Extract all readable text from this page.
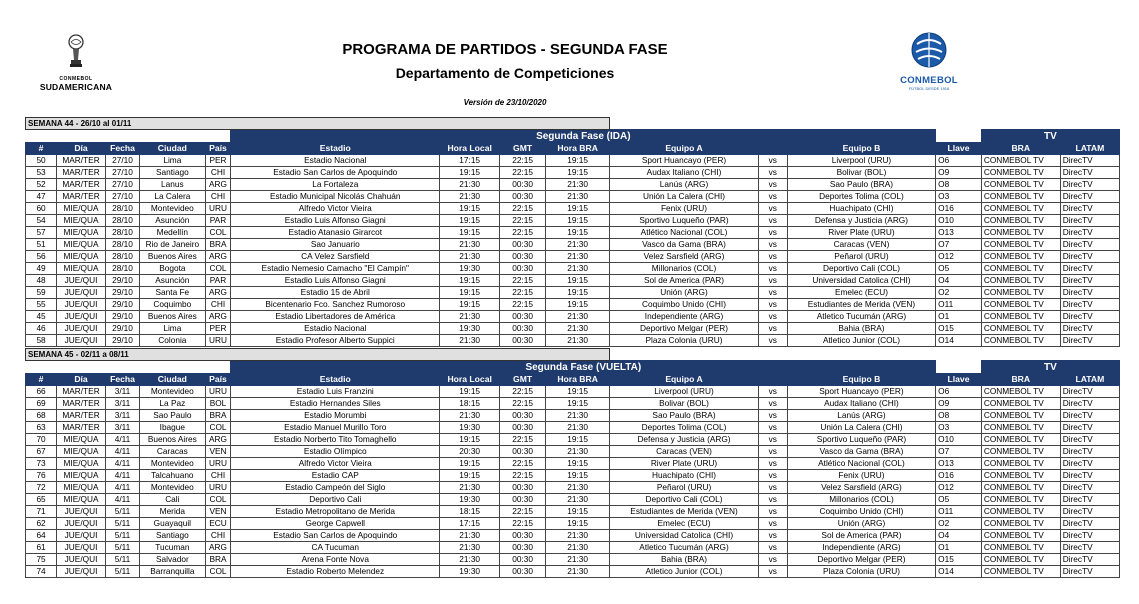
CONMEBOL
SUDAMERICANA
PROGRAMA DE PARTIDOS - SEGUNDA FASE
Departamento de Competiciones
Versión de 23/10/2020
CONMEBOL
FÚTBOL DESDE 1916
SEMANA 44 - 26/10 al 01/11														
					Segunda Fase (IDA)								TV	
#	Día	Fecha	Ciudad	País	Estadio	Hora Local	GMT	Hora BRA	Equipo A		Equipo B	Llave	BRA	LATAM
50	MAR/TER	27/10	Lima	PER	Estadio Nacional	17:15	22:15	19:15	Sport Huancayo (PER)	vs	Liverpool (URU)	O6	CONMEBOL TV	DirecTV
53	MAR/TER	27/10	Santiago	CHI	Estadio San Carlos de Apoquindo	19:15	22:15	19:15	Audax Italiano (CHI)	vs	Bolivar (BOL)	O9	CONMEBOL TV	DirecTV
52	MAR/TER	27/10	Lanus	ARG	La Fortaleza	21:30	00:30	21:30	Lanús (ARG)	vs	Sao Paulo (BRA)	O8	CONMEBOL TV	DirecTV
47	MAR/TER	27/10	La Calera	CHI	Estadio Municipal Nicolás Chahuán	21:30	00:30	21:30	Unión La Calera (CHI)	vs	Deportes Tolima (COL)	O3	CONMEBOL TV	DirecTV
60	MIE/QUA	28/10	Montevideo	URU	Alfredo Victor Vieira	19:15	22:15	19:15	Fenix (URU)	vs	Huachipato (CHI)	O16	CONMEBOL TV	DirecTV
54	MIE/QUA	28/10	Asunción	PAR	Estadio Luis Alfonso Giagni	19:15	22:15	19:15	Sportivo Luqueño (PAR)	vs	Defensa y Justicia (ARG)	O10	CONMEBOL TV	DirecTV
57	MIE/QUA	28/10	Medellín	COL	Estadio Atanasio Girarcot	19:15	22:15	19:15	Atlético Nacional (COL)	vs	River Plate (URU)	O13	CONMEBOL TV	DirecTV
51	MIE/QUA	28/10	Rio de Janeiro	BRA	Sao Januario	21:30	00:30	21:30	Vasco da Gama (BRA)	vs	Caracas (VEN)	O7	CONMEBOL TV	DirecTV
56	MIE/QUA	28/10	Buenos Aires	ARG	CA Velez Sarsfield	21:30	00:30	21:30	Velez Sarsfield (ARG)	vs	Peñarol (URU)	O12	CONMEBOL TV	DirecTV
49	MIE/QUA	28/10	Bogota	COL	Estadio Nemesio Camacho "El Campín"	19:30	00:30	21:30	Millonarios (COL)	vs	Deportivo Cali (COL)	O5	CONMEBOL TV	DirecTV
48	JUE/QUI	29/10	Asunción	PAR	Estadio Luis Alfonso Giagni	19:15	22:15	19:15	Sol de America (PAR)	vs	Universidad Catolica (CHI)	O4	CONMEBOL TV	DirecTV
59	JUE/QUI	29/10	Santa Fe	ARG	Estadio 15 de Abril	19:15	22:15	19:15	Unión (ARG)	vs	Emelec (ECU)	O2	CONMEBOL TV	DirecTV
55	JUE/QUI	29/10	Coquimbo	CHI	Bicentenario Fco. Sanchez Rumoroso	19:15	22:15	19:15	Coquimbo Unido (CHI)	vs	Estudiantes de Merida (VEN)	O11	CONMEBOL TV	DirecTV
45	JUE/QUI	29/10	Buenos Aires	ARG	Estadio Libertadores de América	21:30	00:30	21:30	Independiente (ARG)	vs	Atletico Tucumán (ARG)	O1	CONMEBOL TV	DirecTV
46	JUE/QUI	29/10	Lima	PER	Estadio Nacional	19:30	00:30	21:30	Deportivo Melgar (PER)	vs	Bahia (BRA)	O15	CONMEBOL TV	DirecTV
58	JUE/QUI	29/10	Colonia	URU	Estadio Profesor Alberto Suppici	21:30	00:30	21:30	Plaza Colonia (URU)	vs	Atletico Junior (COL)	O14	CONMEBOL TV	DirecTV
SEMANA 45 - 02/11 a 08/11														
					Segunda Fase (VUELTA)								TV	
#	Día	Fecha	Ciudad	País	Estadio	Hora Local	GMT	Hora BRA	Equipo A		Equipo B	Llave	BRA	LATAM
66	MAR/TER	3/11	Montevideo	URU	Estadio Luis Franzini	19:15	22:15	19:15	Liverpool (URU)	vs	Sport Huancayo (PER)	O6	CONMEBOL TV	DirecTV
69	MAR/TER	3/11	La Paz	BOL	Estadio Hernandes Siles	18:15	22:15	19:15	Bolivar (BOL)	vs	Audax Italiano (CHI)	O9	CONMEBOL TV	DirecTV
68	MAR/TER	3/11	Sao Paulo	BRA	Estadio Morumbi	21:30	00:30	21:30	Sao Paulo (BRA)	vs	Lanús (ARG)	O8	CONMEBOL TV	DirecTV
63	MAR/TER	3/11	Ibague	COL	Estadio Manuel Murillo Toro	19:30	00:30	21:30	Deportes Tolima (COL)	vs	Unión La Calera (CHI)	O3	CONMEBOL TV	DirecTV
70	MIE/QUA	4/11	Buenos Aires	ARG	Estadio Norberto Tito Tomaghello	19:15	22:15	19:15	Defensa y Justicia (ARG)	vs	Sportivo Luqueño (PAR)	O10	CONMEBOL TV	DirecTV
67	MIE/QUA	4/11	Caracas	VEN	Estadio Olímpico	20:30	00:30	21:30	Caracas (VEN)	vs	Vasco da Gama (BRA)	O7	CONMEBOL TV	DirecTV
73	MIE/QUA	4/11	Montevideo	URU	Alfredo Victor Vieira	19:15	22:15	19:15	River Plate (URU)	vs	Atlético Nacional (COL)	O13	CONMEBOL TV	DirecTV
76	MIE/QUA	4/11	Talcahuano	CHI	Estadio CAP	19:15	22:15	19:15	Huachipato (CHI)	vs	Fenix (URU)	O16	CONMEBOL TV	DirecTV
72	MIE/QUA	4/11	Montevideo	URU	Estadio Campeón del Siglo	21:30	00:30	21:30	Peñarol (URU)	vs	Velez Sarsfield (ARG)	O12	CONMEBOL TV	DirecTV
65	MIE/QUA	4/11	Cali	COL	Deportivo Cali	19:30	00:30	21:30	Deportivo Cali (COL)	vs	Millonarios (COL)	O5	CONMEBOL TV	DirecTV
71	JUE/QUI	5/11	Merida	VEN	Estadio Metropolitano de Merida	18:15	22:15	19:15	Estudiantes de Merida (VEN)	vs	Coquimbo Unido (CHI)	O11	CONMEBOL TV	DirecTV
62	JUE/QUI	5/11	Guayaquil	ECU	George Capwell	17:15	22:15	19:15	Emelec (ECU)	vs	Unión (ARG)	O2	CONMEBOL TV	DirecTV
64	JUE/QUI	5/11	Santiago	CHI	Estadio San Carlos de Apoquindo	21:30	00:30	21:30	Universidad Catolica (CHI)	vs	Sol de America (PAR)	O4	CONMEBOL TV	DirecTV
61	JUE/QUI	5/11	Tucuman	ARG	CA Tucuman	21:30	00:30	21:30	Atletico Tucumán (ARG)	vs	Independiente (ARG)	O1	CONMEBOL TV	DirecTV
75	JUE/QUI	5/11	Salvador	BRA	Arena Fonte Nova	21:30	00:30	21:30	Bahia (BRA)	vs	Deportivo Melgar (PER)	O15	CONMEBOL TV	DirecTV
74	JUE/QUI	5/11	Barranquilla	COL	Estadio Roberto Melendez	19:30	00:30	21:30	Atletico Junior (COL)	vs	Plaza Colonia (URU)	O14	CONMEBOL TV	DirecTV
